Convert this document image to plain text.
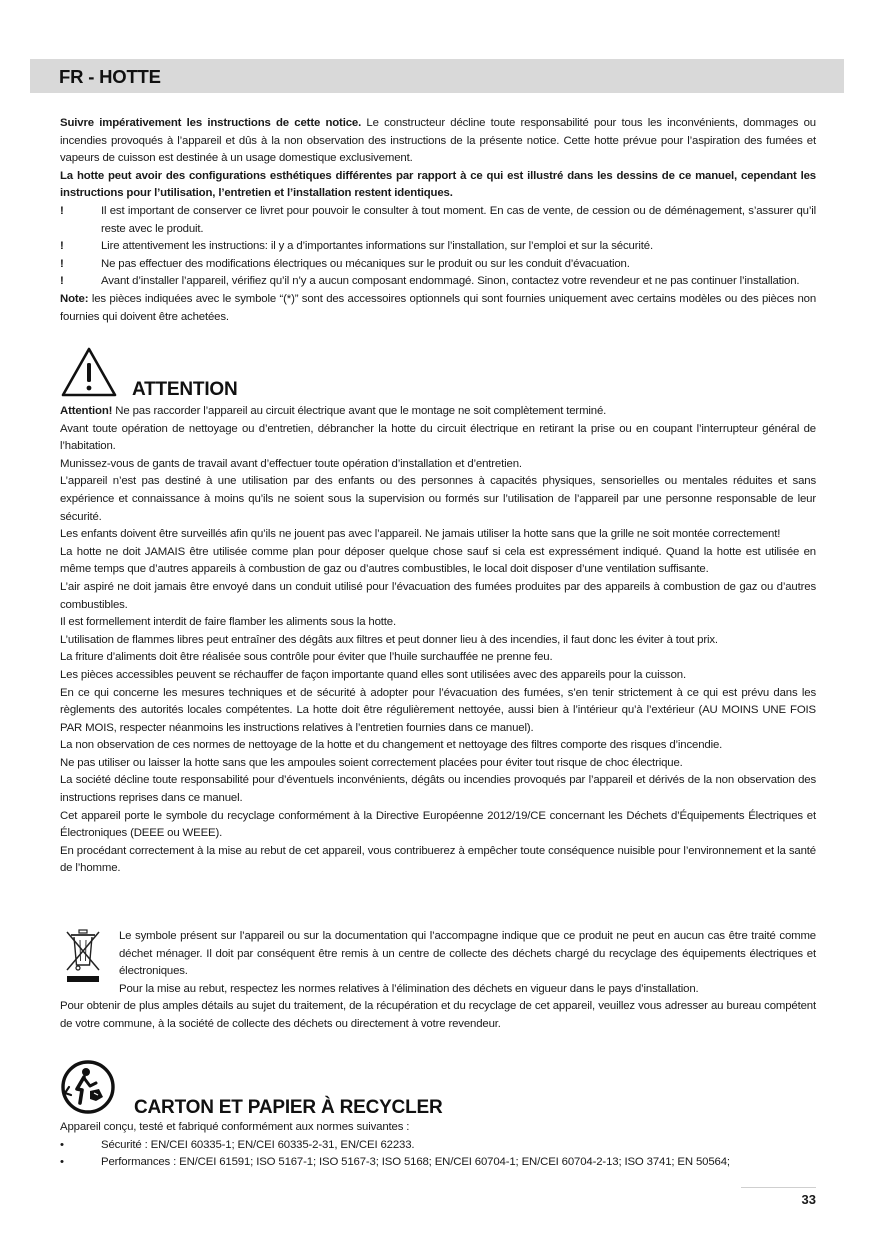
FR - HOTTE

Suivre impérativement les instructions de cette notice. Le constructeur décline toute responsabilité pour tous les inconvénients, dommages ou incendies provoqués à l’appareil et dûs à la non observation des instructions de la présente notice. Cette hotte prévue pour l’aspiration des fumées et vapeurs de cuisson est destinée à un usage domestique exclusivement.

La hotte peut avoir des configurations esthétiques différentes par rapport à ce qui est illustré dans les dessins de ce manuel, cependant les instructions pour l’utilisation, l’entretien et l’installation restent identiques.

!	Il est important de conserver ce livret pour pouvoir le consulter à tout moment. En cas de vente, de cession ou de déménagement, s’assurer qu’il reste avec le produit.
!	Lire attentivement les instructions: il y a d’importantes informations sur l’installation, sur l’emploi et sur la sécurité.
!	Ne pas effectuer des modifications électriques ou mécaniques sur le produit ou sur les conduit d’évacuation.
!	Avant d’installer l’appareil, vérifiez qu’il n’y a aucun composant endommagé. Sinon, contactez votre revendeur et ne pas continuer l’installation.

Note: les pièces indiquées avec le symbole “(*)” sont des accessoires optionnels qui sont fournies uniquement avec certains modèles ou des pièces non fournies qui doivent être achetées.

ATTENTION

Attention! Ne pas raccorder l’appareil au circuit électrique avant que le montage ne soit complètement terminé.

Avant toute opération de nettoyage ou d’entretien, débrancher la hotte du circuit électrique en retirant la prise ou en coupant l’interrupteur général de l’habitation.

Munissez-vous de gants de travail avant d’effectuer toute opération d’installation et d’entretien.

L’appareil n’est pas destiné à une utilisation par des enfants ou des personnes à capacités physiques, sensorielles ou mentales réduites et sans expérience et connaissance à moins qu’ils ne soient sous la supervision ou formés sur l’utilisation de l’appareil par une personne responsable de leur sécurité.

Les enfants doivent être surveillés afin qu’ils ne jouent pas avec l’appareil. Ne jamais utiliser la hotte sans que la grille ne soit montée correctement!

La hotte ne doit JAMAIS être utilisée comme plan pour déposer quelque chose sauf si cela est expressément indiqué. Quand la hotte est utilisée en même temps que d’autres appareils à combustion de gaz ou d’autres combustibles, le local doit disposer d’une ventilation suffisante.

L’air aspiré ne doit jamais être envoyé dans un conduit utilisé pour l’évacuation des fumées produites par des appareils à combustion de gaz ou d’autres combustibles.

Il est formellement interdit de faire flamber les aliments sous la hotte.

L’utilisation de flammes libres peut entraîner des dégâts aux filtres et peut donner lieu à des incendies, il faut donc les éviter à tout prix.

La friture d’aliments doit être réalisée sous contrôle pour éviter que l’huile surchauffée ne prenne feu.

Les pièces accessibles peuvent se réchauffer de façon importante quand elles sont utilisées avec des appareils pour la cuisson.

En ce qui concerne les mesures techniques et de sécurité à adopter pour l’évacuation des fumées, s’en tenir strictement à ce qui est prévu dans les règlements des autorités locales compétentes. La hotte doit être régulièrement nettoyée, aussi bien à l’intérieur qu’à l’extérieur (AU MOINS UNE FOIS PAR MOIS, respecter néanmoins les instructions relatives à l’entretien fournies dans ce manuel).

La non observation de ces normes de nettoyage de la hotte et du changement et nettoyage des filtres comporte des risques d’incendie.

Ne pas utiliser ou laisser la hotte sans que les ampoules soient correctement placées pour éviter tout risque de choc électrique.

La société décline toute responsabilité pour d’éventuels inconvénients, dégâts ou incendies provoqués par l’appareil et dérivés de la non observation des instructions reprises dans ce manuel.

Cet appareil porte le symbole du recyclage conformément à la Directive Européenne 2012/19/CE concernant les Déchets d’Équipements Électriques et Électroniques (DEEE ou WEEE).

En procédant correctement à la mise au rebut de cet appareil, vous contribuerez à empêcher toute conséquence nuisible pour l’environnement et la santé de l’homme.

Le symbole présent sur l’appareil ou sur la documentation qui l’accompagne indique que ce produit ne peut en aucun cas être traité comme déchet ménager. Il doit par conséquent être remis à un centre de collecte des déchets chargé du recyclage des équipements électriques et électroniques.

Pour la mise au rebut, respectez les normes relatives à l’élimination des déchets en vigueur dans le pays d’installation.

Pour obtenir de plus amples détails au sujet du traitement, de la récupération et du recyclage de cet appareil, veuillez vous adresser au bureau compétent de votre commune, à la société de collecte des déchets ou directement à votre revendeur.

CARTON ET PAPIER À RECYCLER

Appareil conçu, testé et fabriqué conformément aux normes suivantes :

•	Sécurité : EN/CEI 60335-1; EN/CEI 60335-2-31, EN/CEI 62233.
•	Performances : EN/CEI 61591; ISO 5167-1; ISO 5167-3; ISO 5168; EN/CEI 60704-1; EN/CEI 60704-2-13; ISO 3741; EN 50564;
33
